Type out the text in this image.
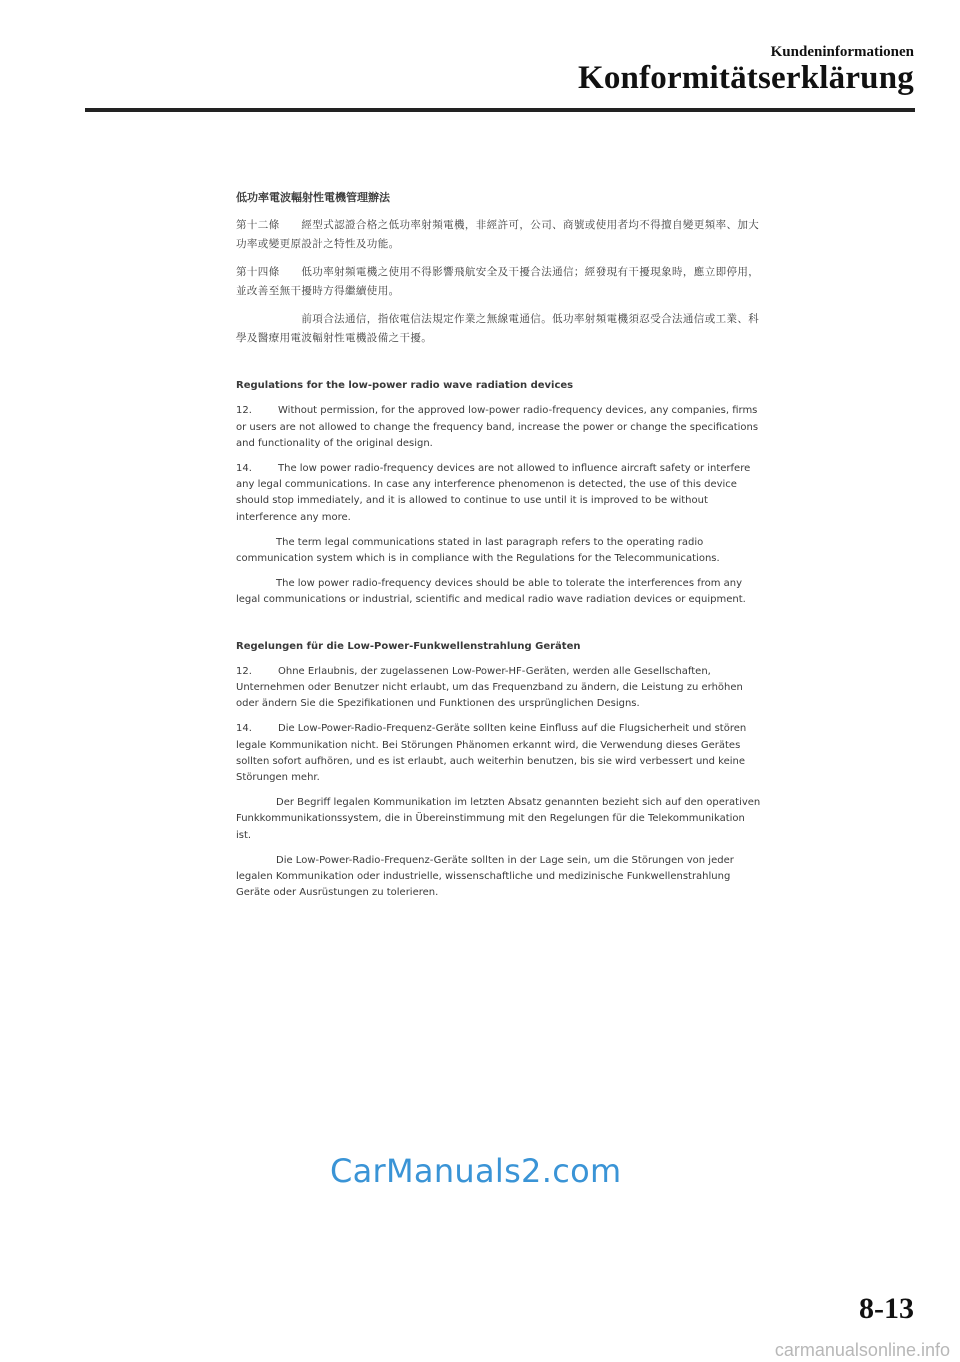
Kundeninformationen
Konformitätserklärung

低功率電波輻射性電機管理辦法

第十二條　　經型式認證合格之低功率射頻電機，非經許可，公司、商號或使用者均不得擅自變更頻率、加大功率或變更原設計之特性及功能。

第十四條　　低功率射頻電機之使用不得影響飛航安全及干擾合法通信；經發現有干擾現象時，應立即停用，並改善至無干擾時方得繼續使用。

　　　　　　前項合法通信，指依電信法規定作業之無線電通信。低功率射頻電機須忍受合法通信或工業、科學及醫療用電波輻射性電機設備之干擾。

Regulations for the low-power radio wave radiation devices

12.	Without permission, for the approved low-power radio-frequency devices, any companies, firms or users are not allowed to change the frequency band, increase the power or change the specifications and functionality of the original design.

14.	The low power radio-frequency devices are not allowed to influence aircraft safety or interfere any legal communications. In case any interference phenomenon is detected, the use of this device should stop immediately, and it is allowed to continue to use until it is improved to be without interference any more.

The term legal communications stated in last paragraph refers to the operating radio communication system which is in compliance with the Regulations for the Telecommunications.

The low power radio-frequency devices should be able to tolerate the interferences from any legal communications or industrial, scientific and medical radio wave radiation devices or equipment.

Regelungen für die Low-Power-Funkwellenstrahlung Geräten

12.	Ohne Erlaubnis, der zugelassenen Low-Power-HF-Geräten, werden alle Gesellschaften, Unternehmen oder Benutzer nicht erlaubt, um das Frequenzband zu ändern, die Leistung zu erhöhen oder ändern Sie die Spezifikationen und Funktionen des ursprünglichen Designs.

14.	Die Low-Power-Radio-Frequenz-Geräte sollten keine Einfluss auf die Flugsicherheit und stören legale Kommunikation nicht. Bei Störungen Phänomen erkannt wird, die Verwendung dieses Gerätes sollten sofort aufhören, und es ist erlaubt, auch weiterhin benutzen, bis sie wird verbessert und keine Störungen mehr.

Der Begriff legalen Kommunikation im letzten Absatz genannten bezieht sich auf den operativen Funkkommunikationssystem, die in Übereinstimmung mit den Regelungen für die Telekommunikation ist.

Die Low-Power-Radio-Frequenz-Geräte sollten in der Lage sein, um die Störungen von jeder legalen Kommunikation oder industrielle, wissenschaftliche und medizinische Funkwellenstrahlung Geräte oder Ausrüstungen zu tolerieren.

CarManuals2.com
8-13
carmanualsonline.info
